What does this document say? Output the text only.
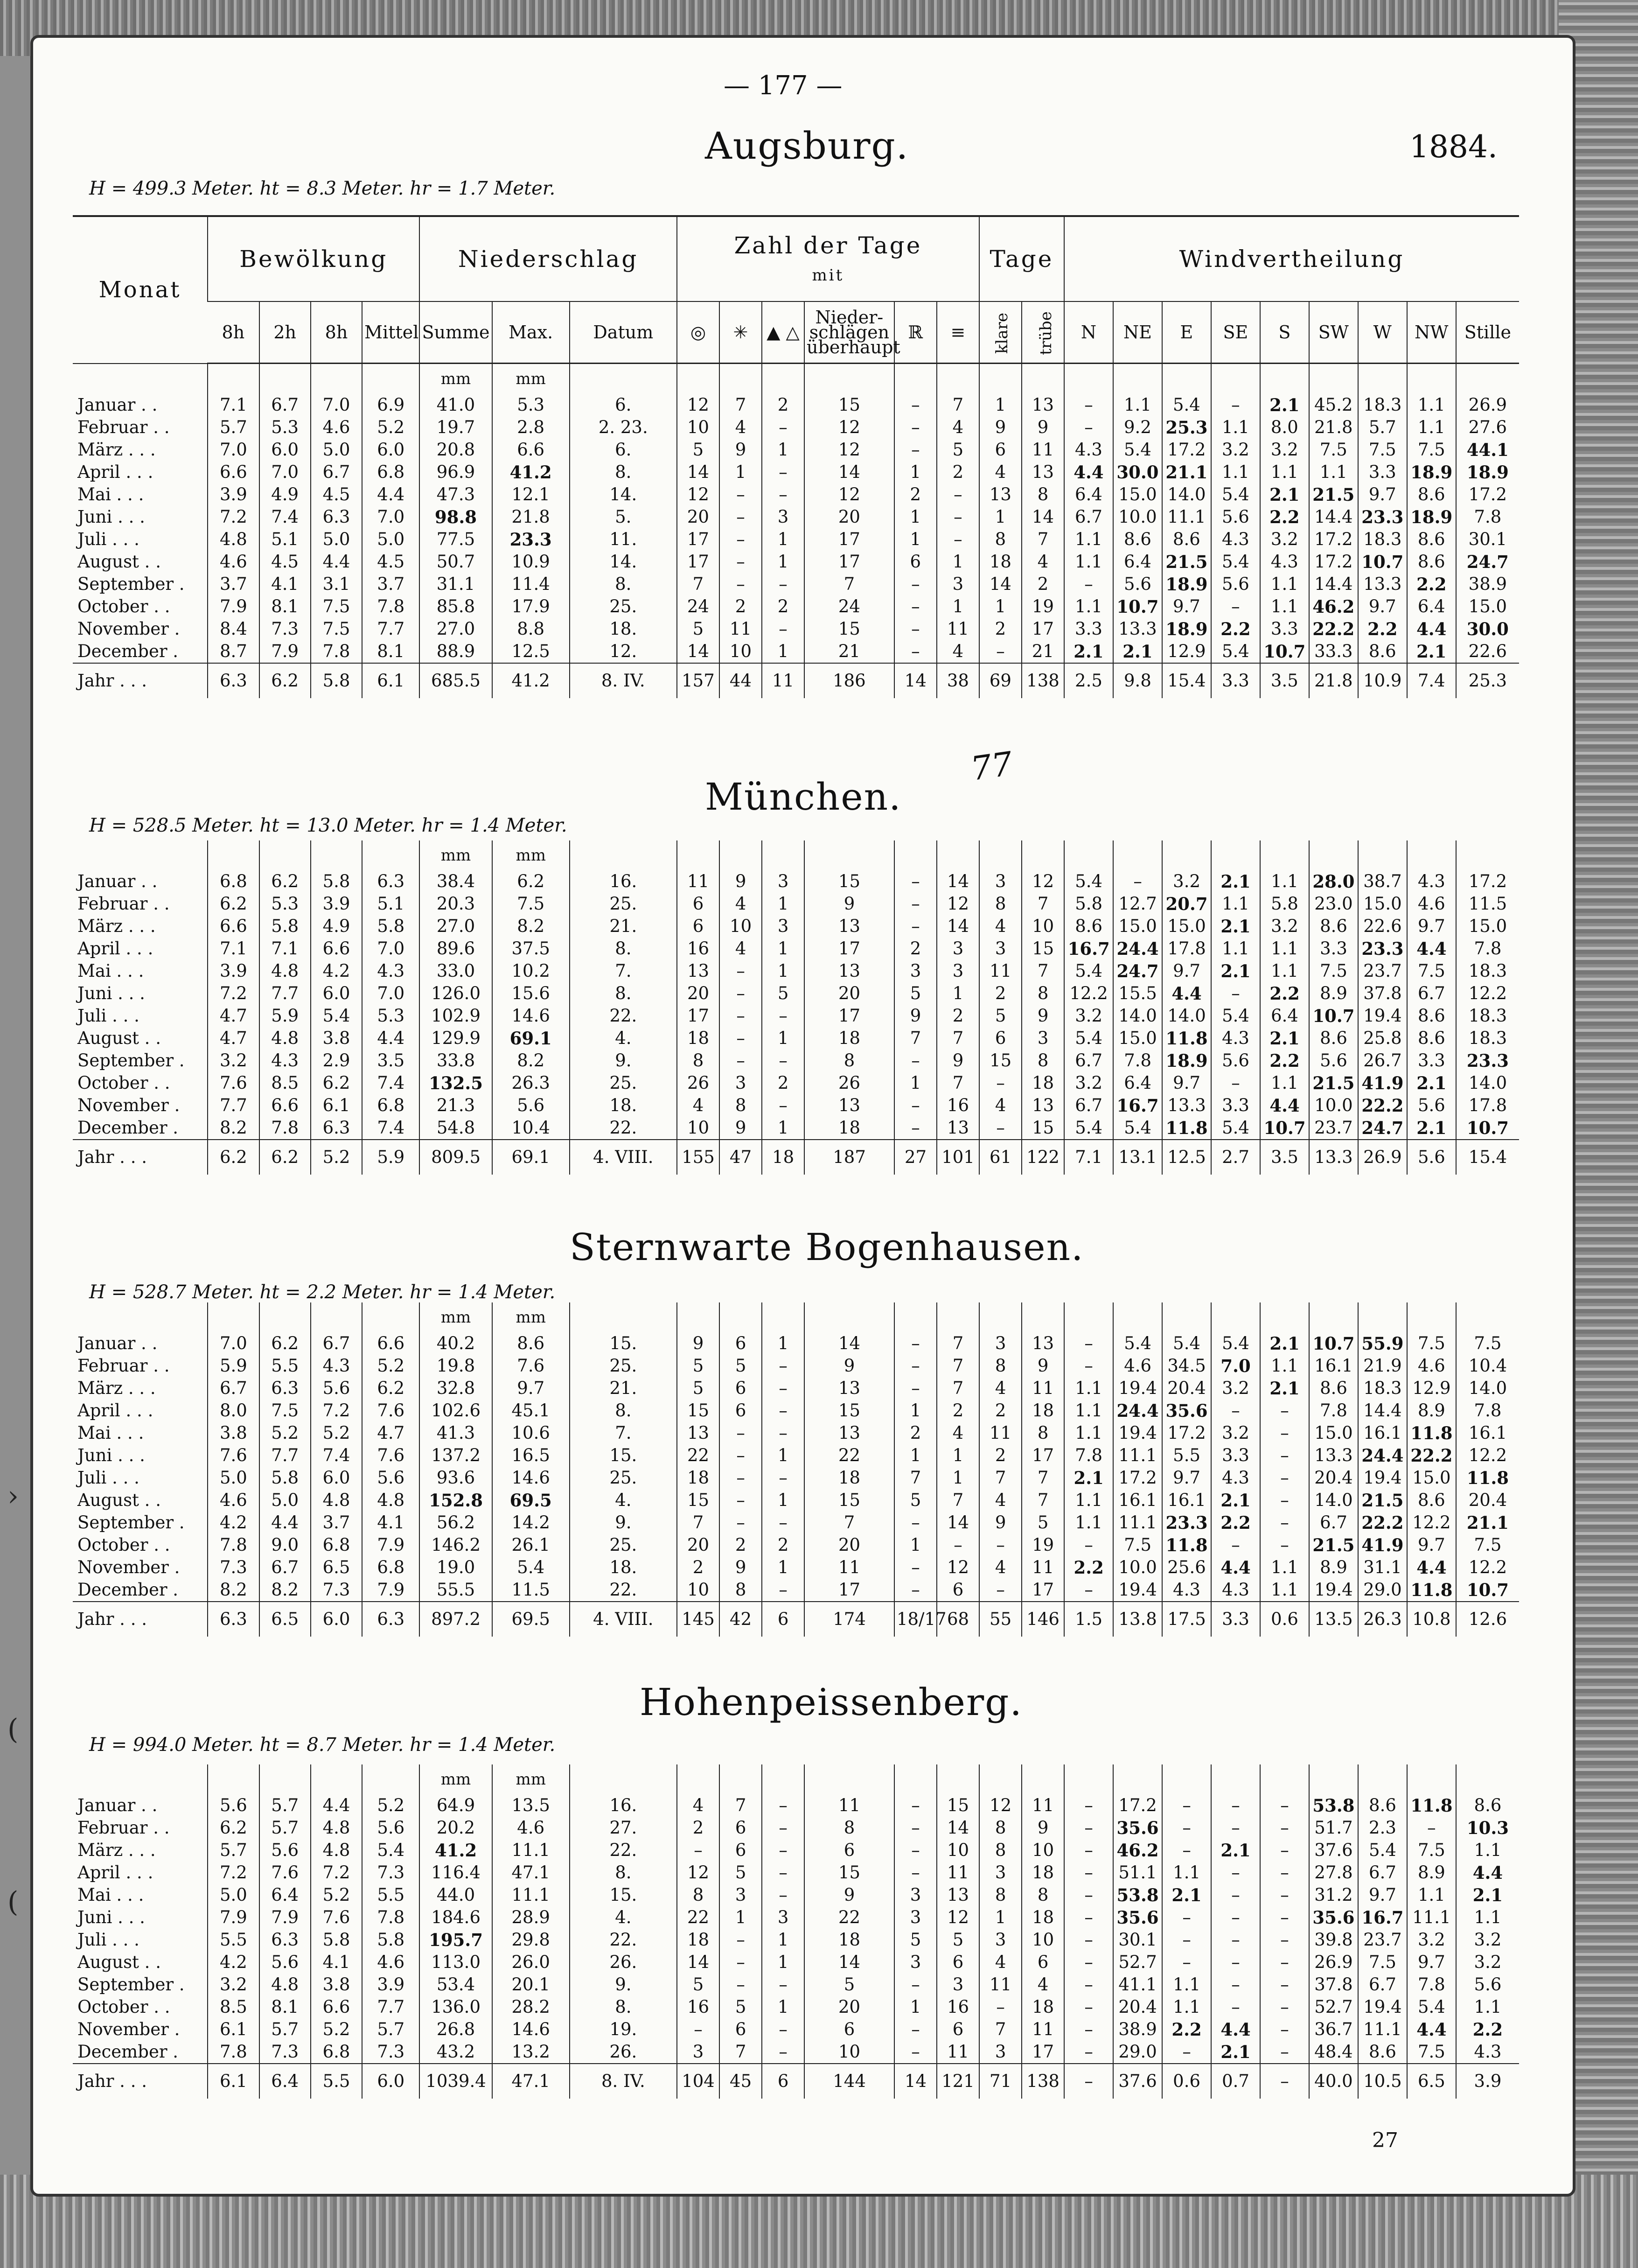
— 177 —
1884.
77
27
›
(
(
Monat	Bewölkung				Niederschlag			Zahl der Tage
mit						Tage		Windvertheilung								
	8h	2h	8h	Mittel	Summe	Max.	Datum	◎	✳	▲ △	Nieder-schlägen überhaupt	ℝ	≡	klare	trübe	N	NE	E	SE	S	SW	W	NW	Stille
					mm	mm																		
Januar . .	7.1	6.7	7.0	6.9	41.0	5.3	6.	12	7	2	15	–	7	1	13	–	1.1	5.4	–	2.1	45.2	18.3	1.1	26.9
Februar . .	5.7	5.3	4.6	5.2	19.7	2.8	2. 23.	10	4	–	12	–	4	9	9	–	9.2	25.3	1.1	8.0	21.8	5.7	1.1	27.6
März . . .	7.0	6.0	5.0	6.0	20.8	6.6	6.	5	9	1	12	–	5	6	11	4.3	5.4	17.2	3.2	3.2	7.5	7.5	7.5	44.1
April . . .	6.6	7.0	6.7	6.8	96.9	41.2	8.	14	1	–	14	1	2	4	13	4.4	30.0	21.1	1.1	1.1	1.1	3.3	18.9	18.9
Mai . . .	3.9	4.9	4.5	4.4	47.3	12.1	14.	12	–	–	12	2	–	13	8	6.4	15.0	14.0	5.4	2.1	21.5	9.7	8.6	17.2
Juni . . .	7.2	7.4	6.3	7.0	98.8	21.8	5.	20	–	3	20	1	–	1	14	6.7	10.0	11.1	5.6	2.2	14.4	23.3	18.9	7.8
Juli . . .	4.8	5.1	5.0	5.0	77.5	23.3	11.	17	–	1	17	1	–	8	7	1.1	8.6	8.6	4.3	3.2	17.2	18.3	8.6	30.1
August . .	4.6	4.5	4.4	4.5	50.7	10.9	14.	17	–	1	17	6	1	18	4	1.1	6.4	21.5	5.4	4.3	17.2	10.7	8.6	24.7
September .	3.7	4.1	3.1	3.7	31.1	11.4	8.	7	–	–	7	–	3	14	2	–	5.6	18.9	5.6	1.1	14.4	13.3	2.2	38.9
October . .	7.9	8.1	7.5	7.8	85.8	17.9	25.	24	2	2	24	–	1	1	19	1.1	10.7	9.7	–	1.1	46.2	9.7	6.4	15.0
November .	8.4	7.3	7.5	7.7	27.0	8.8	18.	5	11	–	15	–	11	2	17	3.3	13.3	18.9	2.2	3.3	22.2	2.2	4.4	30.0
December .	8.7	7.9	7.8	8.1	88.9	12.5	12.	14	10	1	21	–	4	–	21	2.1	2.1	12.9	5.4	10.7	33.3	8.6	2.1	22.6
Jahr . . .	6.3	6.2	5.8	6.1	685.5	41.2	8. IV.	157	44	11	186	14	38	69	138	2.5	9.8	15.4	3.3	3.5	21.8	10.9	7.4	25.3

					mm	mm																		
Januar . .	6.8	6.2	5.8	6.3	38.4	6.2	16.	11	9	3	15	–	14	3	12	5.4	–	3.2	2.1	1.1	28.0	38.7	4.3	17.2
Februar . .	6.2	5.3	3.9	5.1	20.3	7.5	25.	6	4	1	9	–	12	8	7	5.8	12.7	20.7	1.1	5.8	23.0	15.0	4.6	11.5
März . . .	6.6	5.8	4.9	5.8	27.0	8.2	21.	6	10	3	13	–	14	4	10	8.6	15.0	15.0	2.1	3.2	8.6	22.6	9.7	15.0
April . . .	7.1	7.1	6.6	7.0	89.6	37.5	8.	16	4	1	17	2	3	3	15	16.7	24.4	17.8	1.1	1.1	3.3	23.3	4.4	7.8
Mai . . .	3.9	4.8	4.2	4.3	33.0	10.2	7.	13	–	1	13	3	3	11	7	5.4	24.7	9.7	2.1	1.1	7.5	23.7	7.5	18.3
Juni . . .	7.2	7.7	6.0	7.0	126.0	15.6	8.	20	–	5	20	5	1	2	8	12.2	15.5	4.4	–	2.2	8.9	37.8	6.7	12.2
Juli . . .	4.7	5.9	5.4	5.3	102.9	14.6	22.	17	–	–	17	9	2	5	9	3.2	14.0	14.0	5.4	6.4	10.7	19.4	8.6	18.3
August . .	4.7	4.8	3.8	4.4	129.9	69.1	4.	18	–	1	18	7	7	6	3	5.4	15.0	11.8	4.3	2.1	8.6	25.8	8.6	18.3
September .	3.2	4.3	2.9	3.5	33.8	8.2	9.	8	–	–	8	–	9	15	8	6.7	7.8	18.9	5.6	2.2	5.6	26.7	3.3	23.3
October . .	7.6	8.5	6.2	7.4	132.5	26.3	25.	26	3	2	26	1	7	–	18	3.2	6.4	9.7	–	1.1	21.5	41.9	2.1	14.0
November .	7.7	6.6	6.1	6.8	21.3	5.6	18.	4	8	–	13	–	16	4	13	6.7	16.7	13.3	3.3	4.4	10.0	22.2	5.6	17.8
December .	8.2	7.8	6.3	7.4	54.8	10.4	22.	10	9	1	18	–	13	–	15	5.4	5.4	11.8	5.4	10.7	23.7	24.7	2.1	10.7
Jahr . . .	6.2	6.2	5.2	5.9	809.5	69.1	4. VIII.	155	47	18	187	27	101	61	122	7.1	13.1	12.5	2.7	3.5	13.3	26.9	5.6	15.4

					mm	mm																		
Januar . .	7.0	6.2	6.7	6.6	40.2	8.6	15.	9	6	1	14	–	7	3	13	–	5.4	5.4	5.4	2.1	10.7	55.9	7.5	7.5
Februar . .	5.9	5.5	4.3	5.2	19.8	7.6	25.	5	5	–	9	–	7	8	9	–	4.6	34.5	7.0	1.1	16.1	21.9	4.6	10.4
März . . .	6.7	6.3	5.6	6.2	32.8	9.7	21.	5	6	–	13	–	7	4	11	1.1	19.4	20.4	3.2	2.1	8.6	18.3	12.9	14.0
April . . .	8.0	7.5	7.2	7.6	102.6	45.1	8.	15	6	–	15	1	2	2	18	1.1	24.4	35.6	–	–	7.8	14.4	8.9	7.8
Mai . . .	3.8	5.2	5.2	4.7	41.3	10.6	7.	13	–	–	13	2	4	11	8	1.1	19.4	17.2	3.2	–	15.0	16.1	11.8	16.1
Juni . . .	7.6	7.7	7.4	7.6	137.2	16.5	15.	22	–	1	22	1	1	2	17	7.8	11.1	5.5	3.3	–	13.3	24.4	22.2	12.2
Juli . . .	5.0	5.8	6.0	5.6	93.6	14.6	25.	18	–	–	18	7	1	7	7	2.1	17.2	9.7	4.3	–	20.4	19.4	15.0	11.8
August . .	4.6	5.0	4.8	4.8	152.8	69.5	4.	15	–	1	15	5	7	4	7	1.1	16.1	16.1	2.1	–	14.0	21.5	8.6	20.4
September .	4.2	4.4	3.7	4.1	56.2	14.2	9.	7	–	–	7	–	14	9	5	1.1	11.1	23.3	2.2	–	6.7	22.2	12.2	21.1
October . .	7.8	9.0	6.8	7.9	146.2	26.1	25.	20	2	2	20	1	–	–	19	–	7.5	11.8	–	–	21.5	41.9	9.7	7.5
November .	7.3	6.7	6.5	6.8	19.0	5.4	18.	2	9	1	11	–	12	4	11	2.2	10.0	25.6	4.4	1.1	8.9	31.1	4.4	12.2
December .	8.2	8.2	7.3	7.9	55.5	11.5	22.	10	8	–	17	–	6	–	17	–	19.4	4.3	4.3	1.1	19.4	29.0	11.8	10.7
Jahr . . .	6.3	6.5	6.0	6.3	897.2	69.5	4. VIII.	145	42	6	174	18/17	68	55	146	1.5	13.8	17.5	3.3	0.6	13.5	26.3	10.8	12.6

					mm	mm																		
Januar . .	5.6	5.7	4.4	5.2	64.9	13.5	16.	4	7	–	11	–	15	12	11	–	17.2	–	–	–	53.8	8.6	11.8	8.6
Februar . .	6.2	5.7	4.8	5.6	20.2	4.6	27.	2	6	–	8	–	14	8	9	–	35.6	–	–	–	51.7	2.3	–	10.3
März . . .	5.7	5.6	4.8	5.4	41.2	11.1	22.	–	6	–	6	–	10	8	10	–	46.2	–	2.1	–	37.6	5.4	7.5	1.1
April . . .	7.2	7.6	7.2	7.3	116.4	47.1	8.	12	5	–	15	–	11	3	18	–	51.1	1.1	–	–	27.8	6.7	8.9	4.4
Mai . . .	5.0	6.4	5.2	5.5	44.0	11.1	15.	8	3	–	9	3	13	8	8	–	53.8	2.1	–	–	31.2	9.7	1.1	2.1
Juni . . .	7.9	7.9	7.6	7.8	184.6	28.9	4.	22	1	3	22	3	12	1	18	–	35.6	–	–	–	35.6	16.7	11.1	1.1
Juli . . .	5.5	6.3	5.8	5.8	195.7	29.8	22.	18	–	1	18	5	5	3	10	–	30.1	–	–	–	39.8	23.7	3.2	3.2
August . .	4.2	5.6	4.1	4.6	113.0	26.0	26.	14	–	1	14	3	6	4	6	–	52.7	–	–	–	26.9	7.5	9.7	3.2
September .	3.2	4.8	3.8	3.9	53.4	20.1	9.	5	–	–	5	–	3	11	4	–	41.1	1.1	–	–	37.8	6.7	7.8	5.6
October . .	8.5	8.1	6.6	7.7	136.0	28.2	8.	16	5	1	20	1	16	–	18	–	20.4	1.1	–	–	52.7	19.4	5.4	1.1
November .	6.1	5.7	5.2	5.7	26.8	14.6	19.	–	6	–	6	–	6	7	11	–	38.9	2.2	4.4	–	36.7	11.1	4.4	2.2
December .	7.8	7.3	6.8	7.3	43.2	13.2	26.	3	7	–	10	–	11	3	17	–	29.0	–	2.1	–	48.4	8.6	7.5	4.3
Jahr . . .	6.1	6.4	5.5	6.0	1039.4	47.1	8. IV.	104	45	6	144	14	121	71	138	–	37.6	0.6	0.7	–	40.0	10.5	6.5	3.9
Augsburg.
H = 499.3 Meter. ht = 8.3 Meter. hr = 1.7 Meter.
München.
H = 528.5 Meter. ht = 13.0 Meter. hr = 1.4 Meter.
Sternwarte Bogenhausen.
H = 528.7 Meter. ht = 2.2 Meter. hr = 1.4 Meter.
Hohenpeissenberg.
H = 994.0 Meter. ht = 8.7 Meter. hr = 1.4 Meter.
